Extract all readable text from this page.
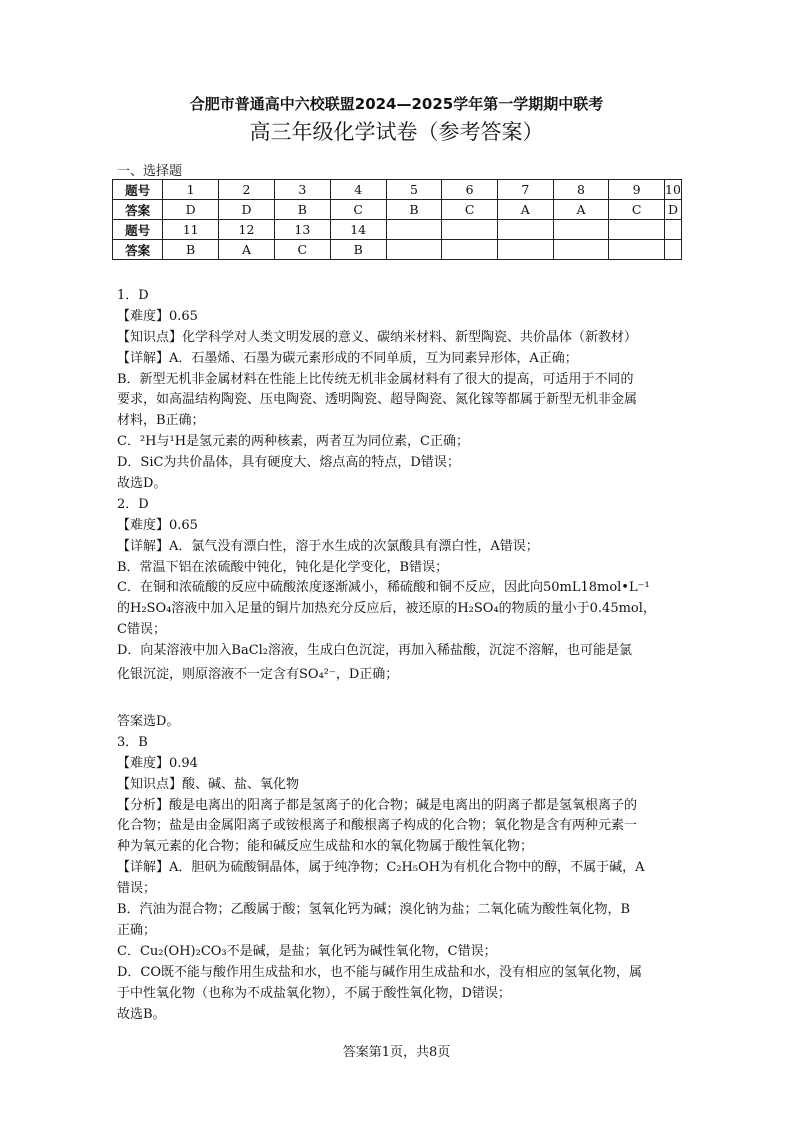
合肥市普通高中六校联盟2024—2025学年第一学期期中联考
高三年级化学试卷（参考答案）
一、选择题
题号	1	2	3	4	5	6	7	8	9	10
答案	D	D	B	C	B	C	A	A	C	D
题号	11	12	13	14						
答案	B	A	C	B						
1．D
【难度】0.65
【知识点】化学科学对人类文明发展的意义、碳纳米材料、新型陶瓷、共价晶体（新教材）
【详解】A．石墨烯、石墨为碳元素形成的不同单质，互为同素异形体，A正确；
B．新型无机非金属材料在性能上比传统无机非金属材料有了很大的提高，可适用于不同的
要求，如高温结构陶瓷、压电陶瓷、透明陶瓷、超导陶瓷、氮化镓等都属于新型无机非金属
材料，B正确；
C．²H与¹H是氢元素的两种核素，两者互为同位素，C正确；
D．SiC为共价晶体，具有硬度大、熔点高的特点，D错误；
故选D。
2．D
【难度】0.65
【详解】A．氯气没有漂白性，溶于水生成的次氯酸具有漂白性，A错误；
B．常温下铝在浓硫酸中钝化，钝化是化学变化，B错误；
C．在铜和浓硫酸的反应中硫酸浓度逐渐减小，稀硫酸和铜不反应，因此向50mL18mol•L⁻¹
的H₂SO₄溶液中加入足量的铜片加热充分反应后，被还原的H₂SO₄的物质的量小于0.45mol，
C错误；
D．向某溶液中加入BaCl₂溶液，生成白色沉淀，再加入稀盐酸，沉淀不溶解，也可能是氯
化银沉淀，则原溶液不一定含有SO₄²⁻，D正确；
答案选D。
3．B
【难度】0.94
【知识点】酸、碱、盐、氧化物
【分析】酸是电离出的阳离子都是氢离子的化合物；碱是电离出的阴离子都是氢氧根离子的
化合物；盐是由金属阳离子或铵根离子和酸根离子构成的化合物；氧化物是含有两种元素一
种为氧元素的化合物；能和碱反应生成盐和水的氧化物属于酸性氧化物；
【详解】A．胆矾为硫酸铜晶体，属于纯净物；C₂H₅OH为有机化合物中的醇，不属于碱，A
错误；
B．汽油为混合物；乙酸属于酸；氢氧化钙为碱；溴化钠为盐；二氧化硫为酸性氧化物，B
正确；
C．Cu₂(OH)₂CO₃不是碱，是盐；氧化钙为碱性氧化物，C错误；
D．CO既不能与酸作用生成盐和水，也不能与碱作用生成盐和水，没有相应的氢氧化物，属
于中性氧化物（也称为不成盐氧化物），不属于酸性氧化物，D错误；
故选B。
答案第1页，共8页
